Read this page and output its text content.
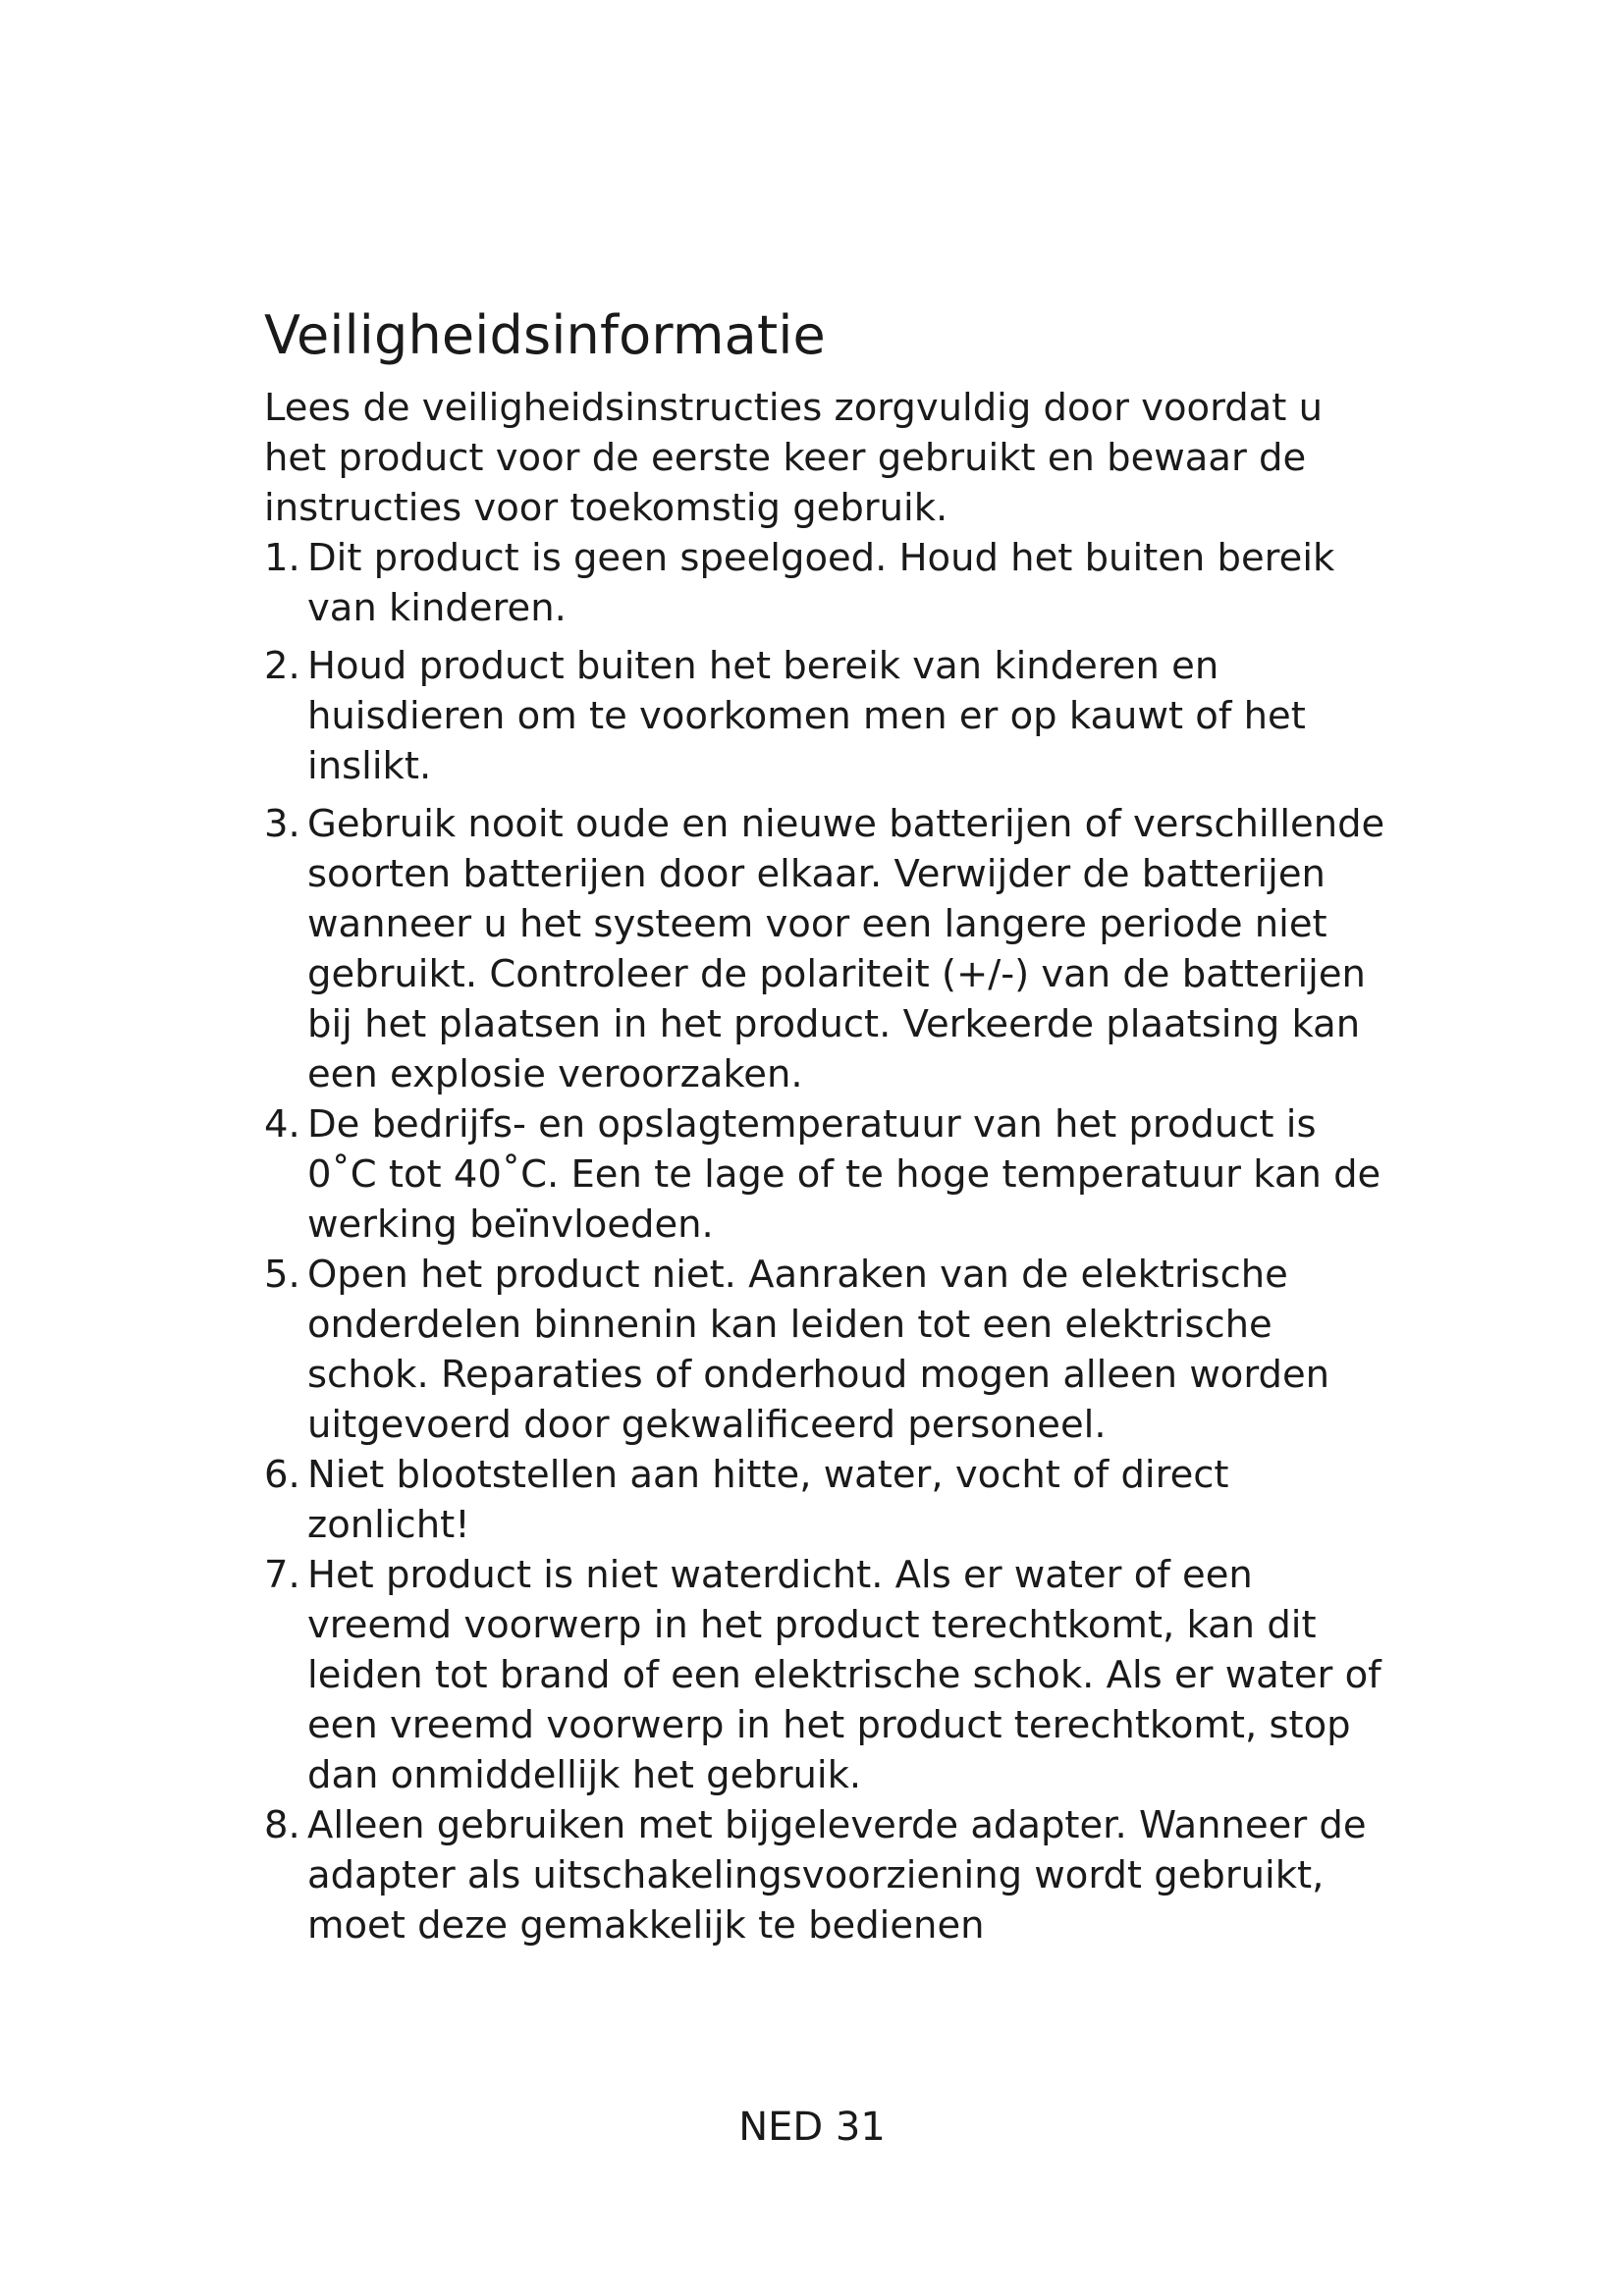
Veiligheidsinformatie

Lees de veiligheidsinstructies zorgvuldig door voordat u het product voor de eerste keer gebruikt en bewaar de instructies voor toekomstig gebruik.

1. Dit product is geen speelgoed. Houd het buiten bereik van kinderen.
2. Houd product buiten het bereik van kinderen en huisdieren om te voorkomen men er op kauwt of het inslikt.
3. Gebruik nooit oude en nieuwe batterijen of verschillende soorten batterijen door elkaar. Verwijder de batterijen wanneer u het systeem voor een langere periode niet gebruikt. Controleer de polariteit (+/-) van de batterijen bij het plaatsen in het product. Verkeerde plaatsing kan een explosie veroorzaken.
4. De bedrijfs- en opslagtemperatuur van het product is 0˚C tot 40˚C. Een te lage of te hoge temperatuur kan de werking beïnvloeden.
5. Open het product niet. Aanraken van de elektrische onderdelen binnenin kan leiden tot een elektrische schok. Reparaties of onderhoud mogen alleen worden uitgevoerd door gekwalificeerd personeel.
6. Niet blootstellen aan hitte, water, vocht of direct zonlicht!
7. Het product is niet waterdicht. Als er water of een vreemd voorwerp in het product terechtkomt, kan dit leiden tot brand of een elektrische schok. Als er water of een vreemd voorwerp in het product terechtkomt, stop dan onmiddellijk het gebruik.
8. Alleen gebruiken met bijgeleverde adapter. Wanneer de adapter als uitschakelingsvoorziening wordt gebruikt, moet deze gemakkelijk te bedienen
NED 31
